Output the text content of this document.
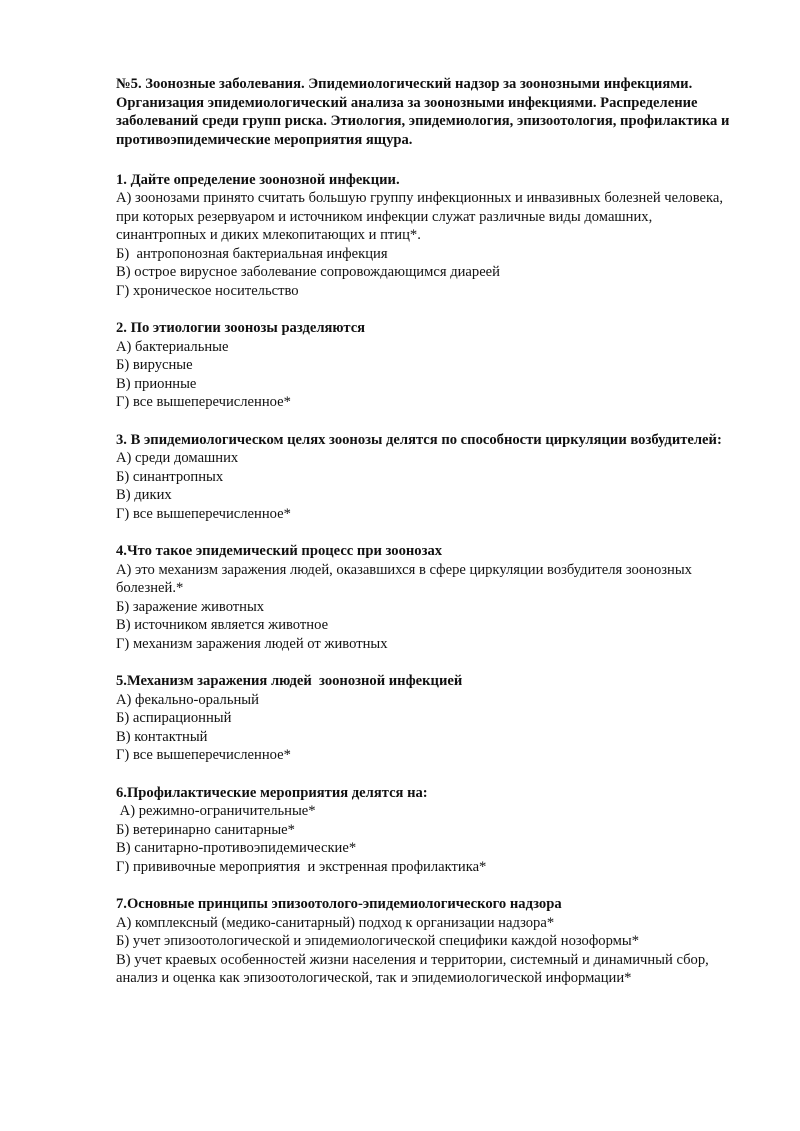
№5. Зоонозные заболевания. Эпидемиологический надзор за зоонозными инфекциями. Организация эпидемиологический анализа за зоонозными инфекциями. Распределение заболеваний среди групп риска. Этиология, эпидемиология, эпизоотология, профилактика и противоэпидемические мероприятия ящура.
1. Дайте определение зоонозной инфекции.
А) зоонозами принято считать большую группу инфекционных и инвазивных болезней человека, при которых резервуаром и источником инфекции служат различные виды домашних, синантропных и диких млекопитающих и птиц*.
Б)  антропонозная бактериальная инфекция
В) острое вирусное заболевание сопровождающимся диареей
Г) хроническое носительство
2. По этиологии зоонозы разделяются
А) бактериальные
Б) вирусные
В) прионные
Г) все вышеперечисленное*
3. В эпидемиологическом целях зоонозы делятся по способности циркуляции возбудителей:
А) среди домашних
Б) синантропных
В) диких
Г) все вышеперечисленное*
4.Что такое эпидемический процесс при зоонозах
А) это механизм заражения людей, оказавшихся в сфере циркуляции возбудителя зоонозных болезней.*
Б) заражение животных
В) источником является животное
Г) механизм заражения людей от животных
5.Механизм заражения людей  зоонозной инфекцией
А) фекально-оральный
Б) аспирационный
В) контактный
Г) все вышеперечисленное*
6.Профилактические мероприятия делятся на:
А) режимно-ограничительные*
Б) ветеринарно санитарные*
В) санитарно-противоэпидемические*
Г) прививочные мероприятия  и экстренная профилактика*
7.Основные принципы эпизоотолого-эпидемиологического надзора
А) комплексный (медико-санитарный) подход к организации надзора*
Б) учет эпизоотологической и эпидемиологической специфики каждой нозоформы*
В) учет краевых особенностей жизни населения и территории, системный и динамичный сбор, анализ и оценка как эпизоотологической, так и эпидемиологической информации*
